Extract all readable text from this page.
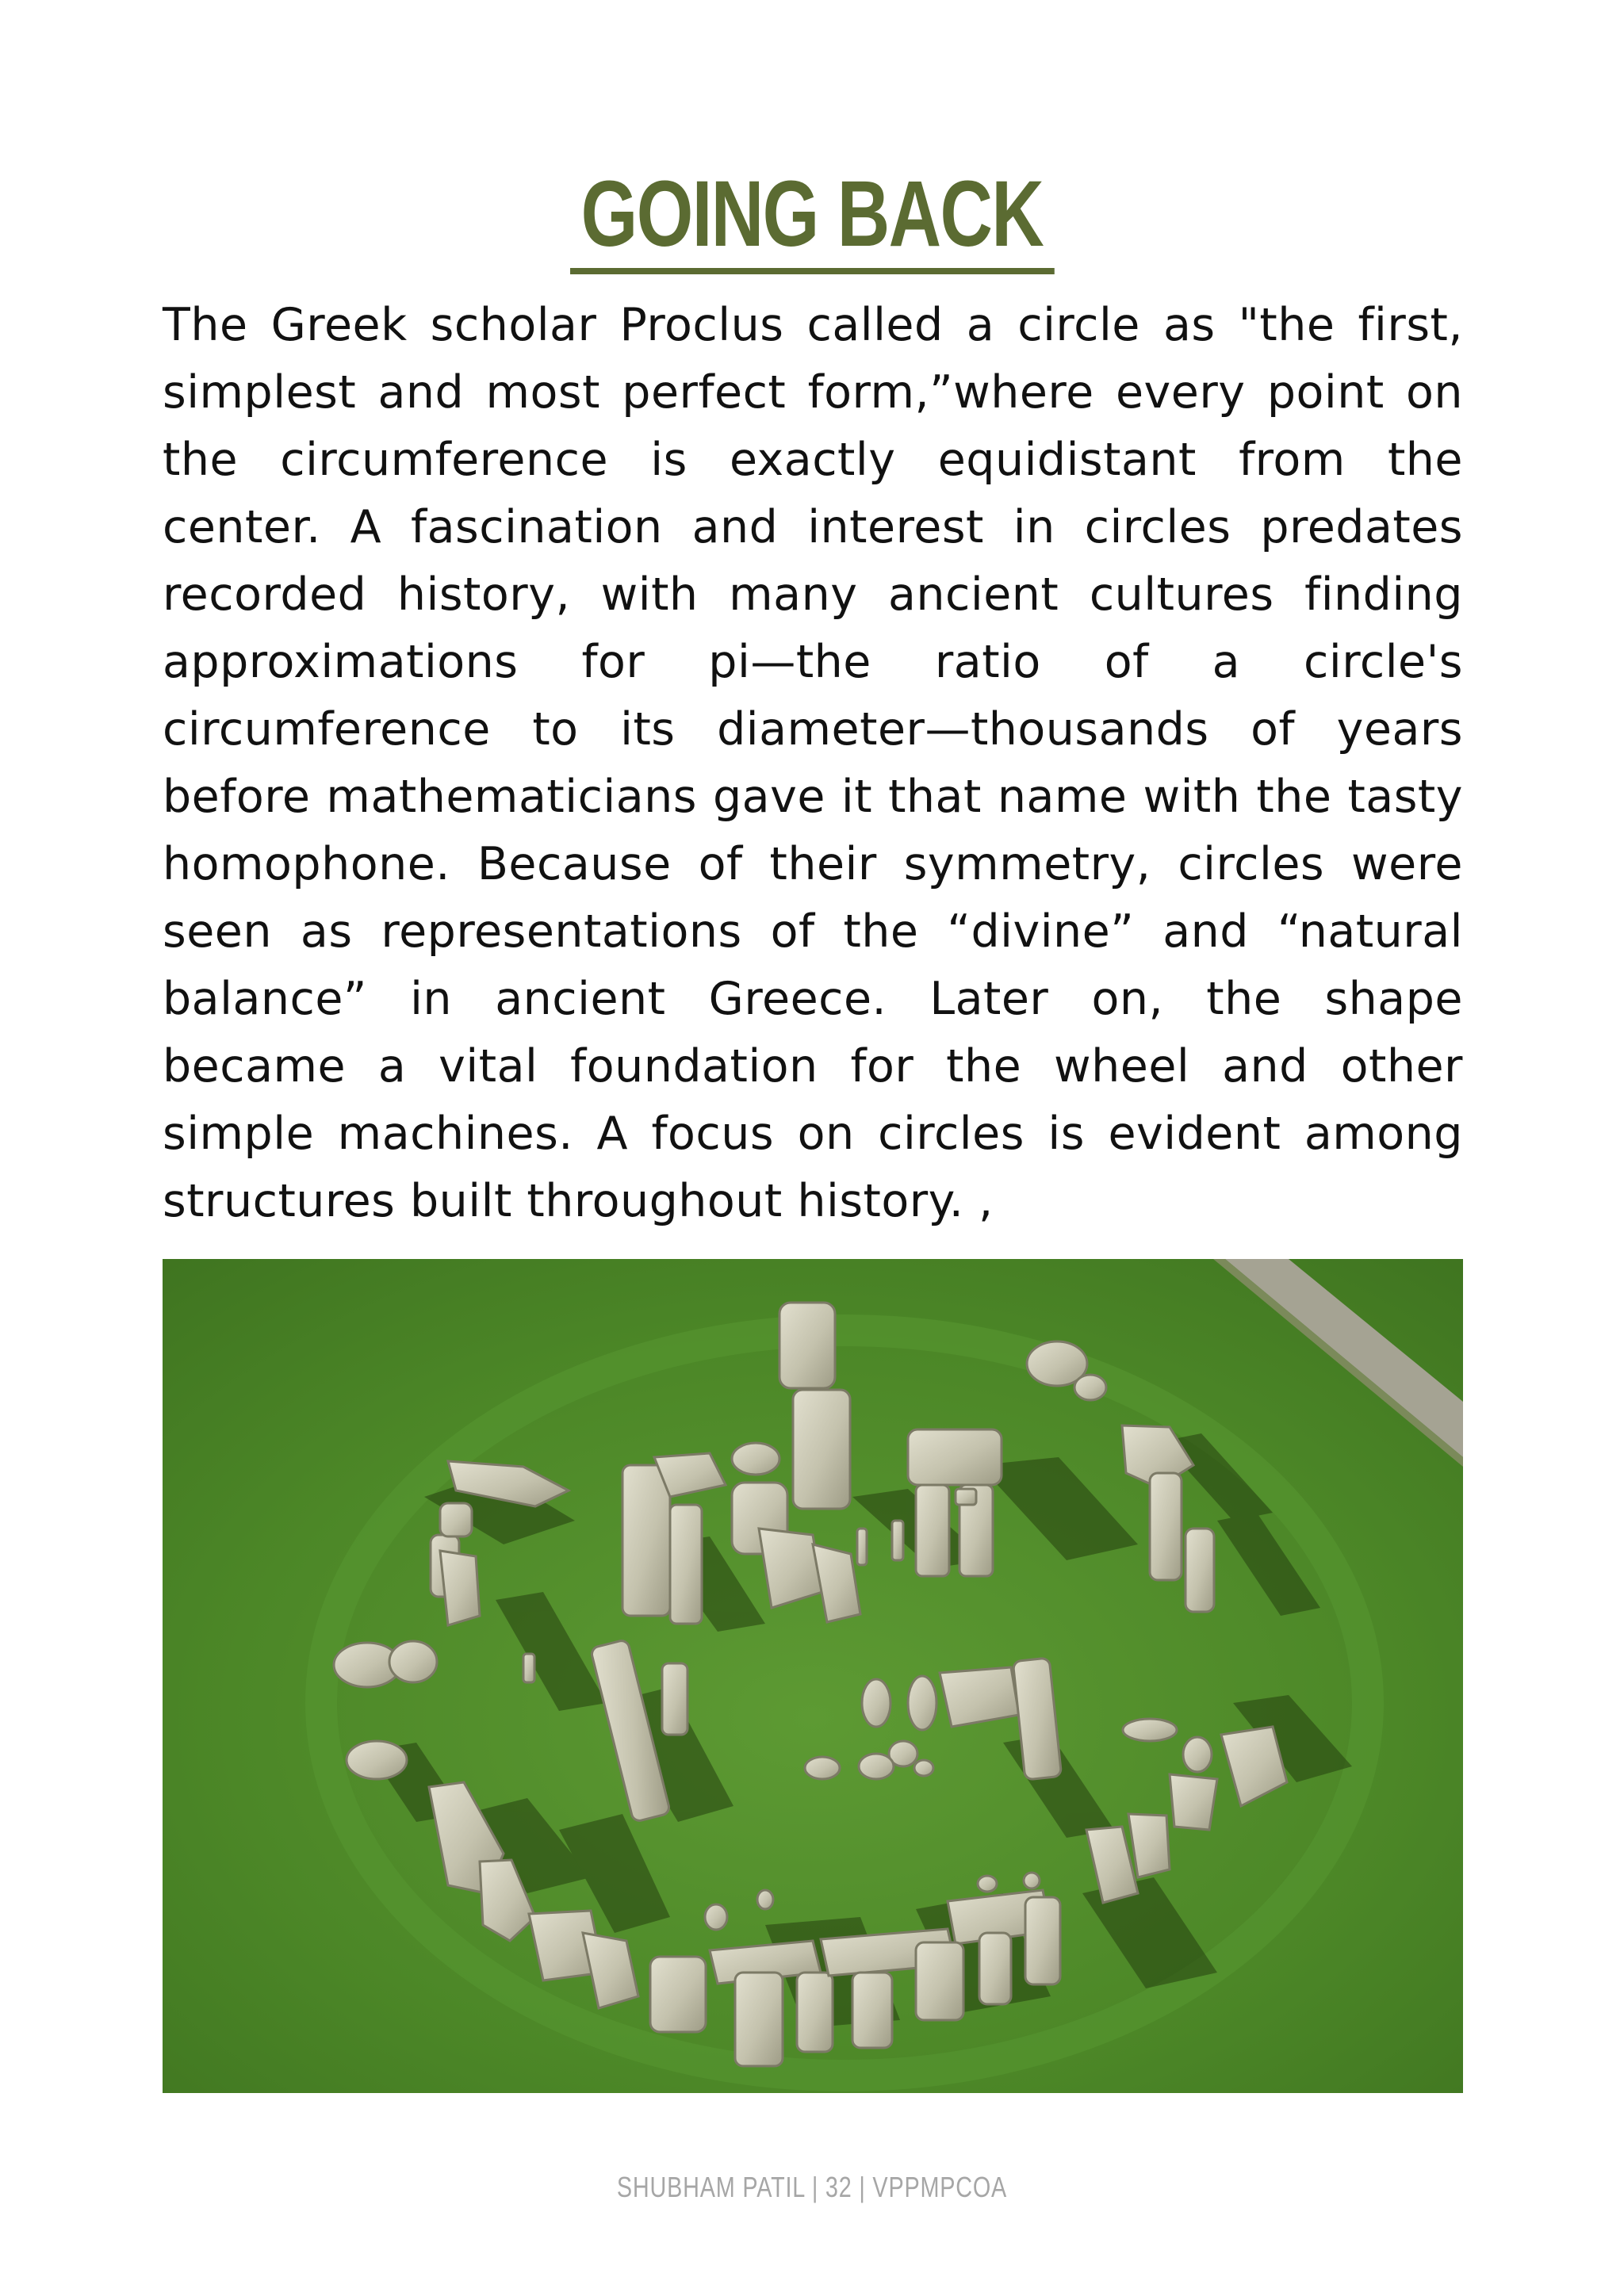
GOING BACK

The Greek scholar Proclus called a circle as "the first, simplest and most perfect form,”where every point on the circumference is exactly equidistant from the center. A fascination and interest in circles predates recorded history, with many ancient cultures finding approximations for pi—the ratio of a circle's circumference to its diameter—thousands of years before mathematicians gave it that name with the tasty homophone. Because of their symmetry, circles were seen as representations of the “divine” and “natural balance” in ancient Greece. Later on, the shape became a vital foundation for the wheel and other simple machines. A focus on circles is evident among structures built throughout history. ,

SHUBHAM PATIL | 32 | VPPMPCOA
